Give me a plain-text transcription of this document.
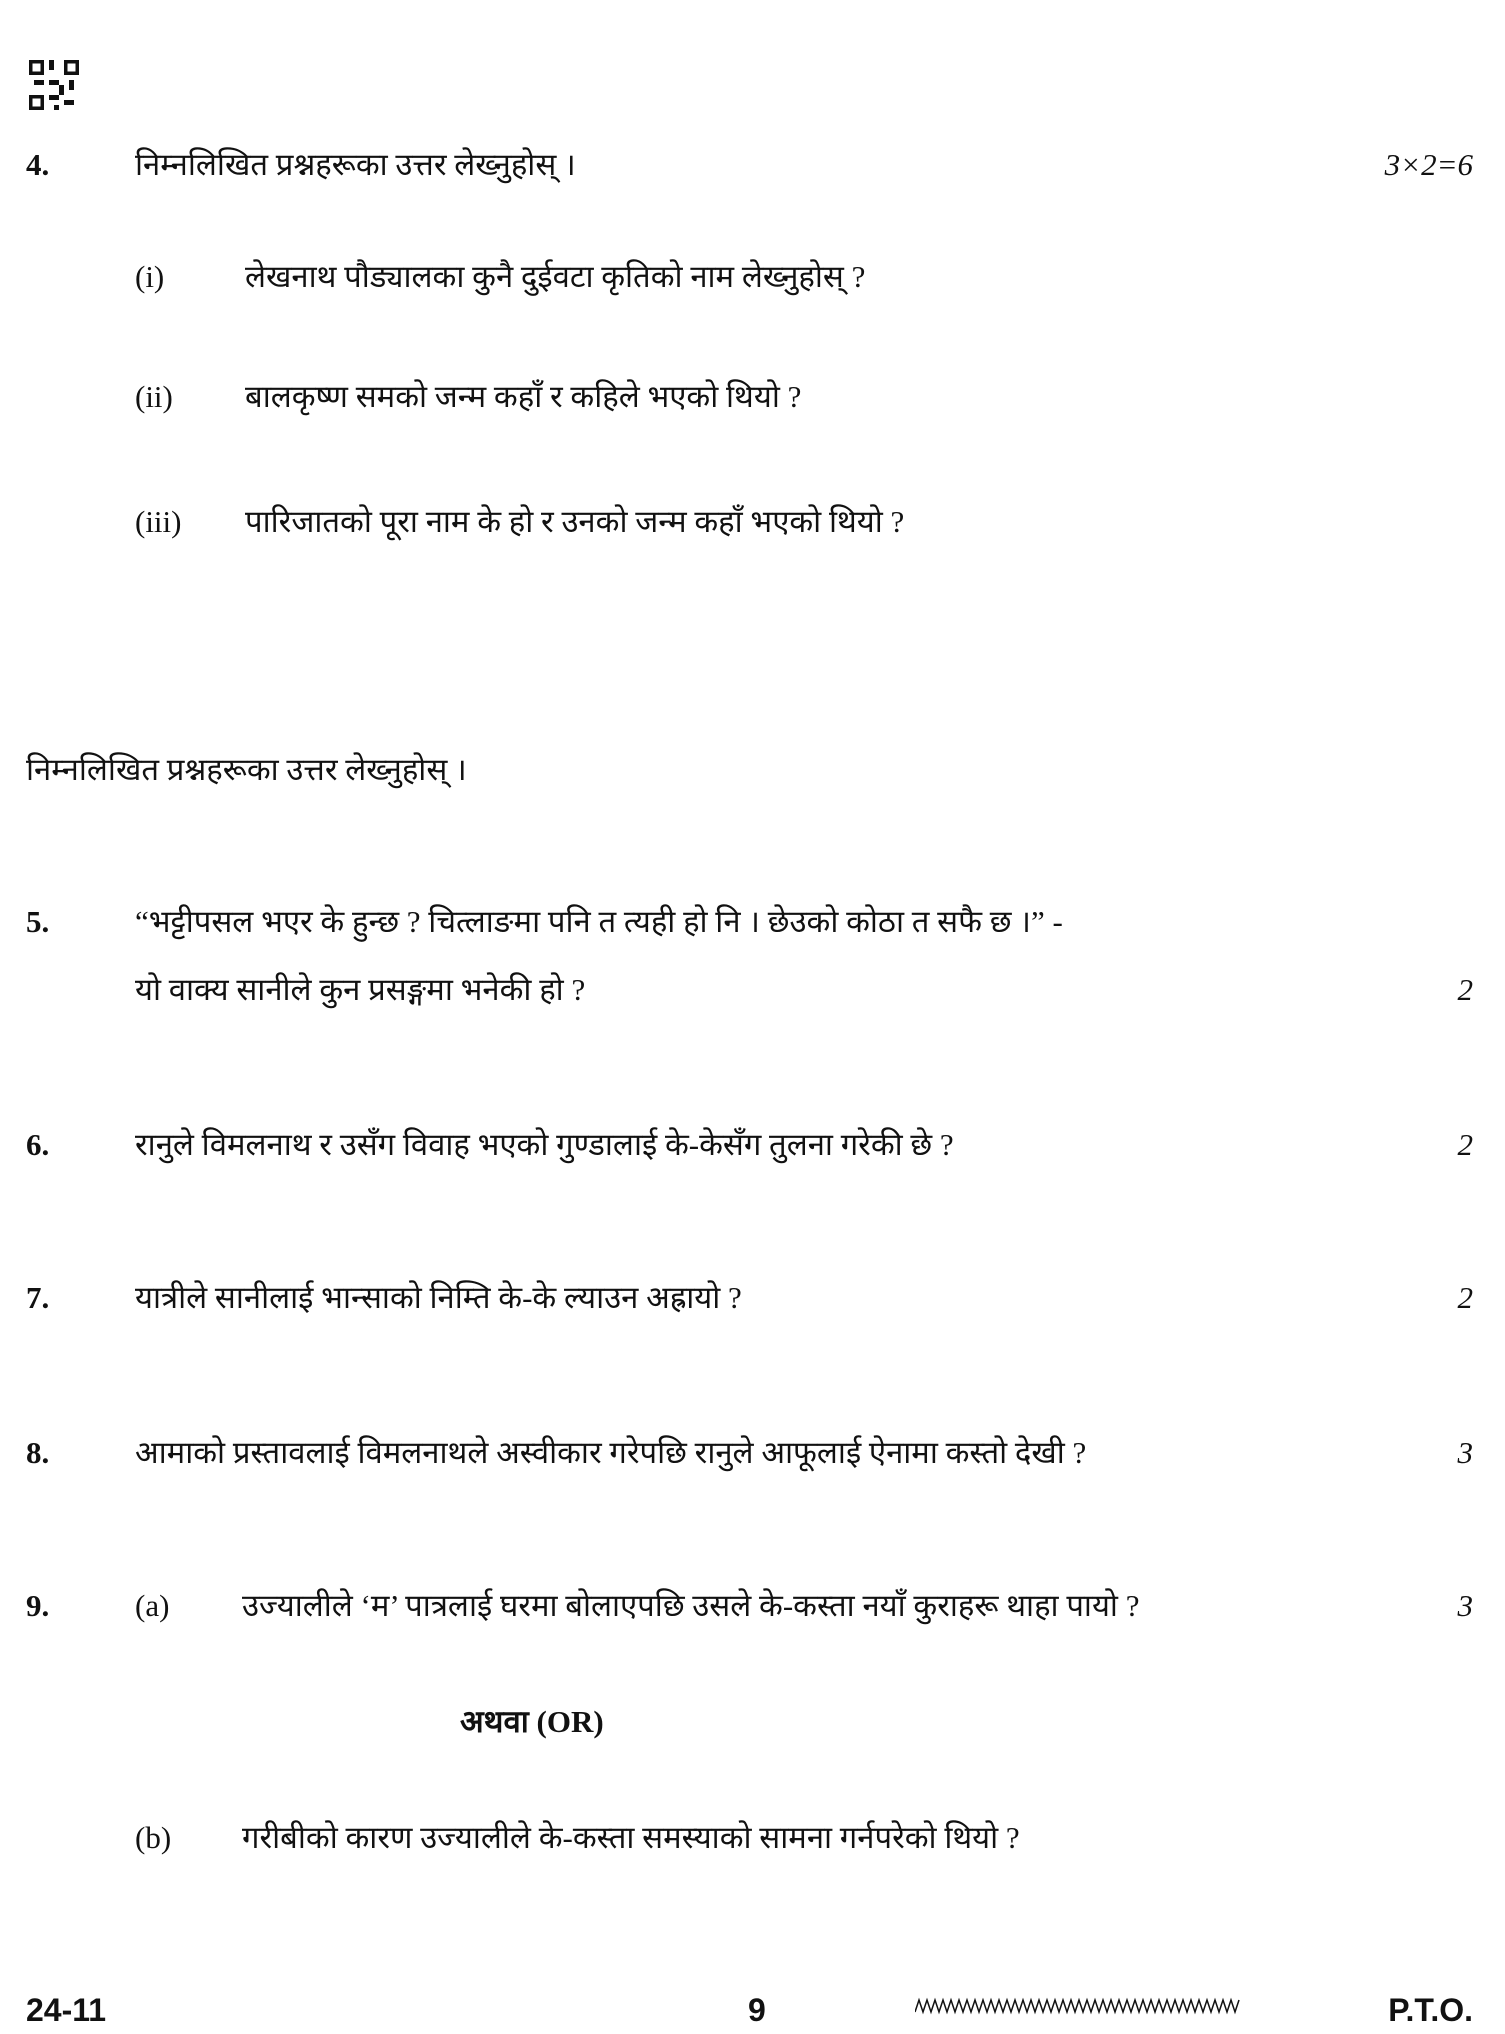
4.	निम्नलिखित प्रश्नहरूका उत्तर लेख्नुहोस् ।	3×2=6
(i)	लेखनाथ पौड्यालका कुनै दुईवटा कृतिको नाम लेख्नुहोस् ?
(ii) बालकृष्ण समको जन्म कहाँ र कहिले भएको थियो ?
(iii) पारिजातको पूरा नाम के हो र उनको जन्म कहाँ भएको थियो ?
निम्नलिखित प्रश्नहरूका उत्तर लेख्नुहोस् ।
5.	“भट्टीपसल भएर के हुन्छ ? चित्लाङमा पनि त त्यही हो नि । छेउको कोठा त सफै छ ।” -
यो वाक्य सानीले कुन प्रसङ्गमा भनेकी हो ?	2
6.	रानुले विमलनाथ र उसँग विवाह भएको गुण्डालाई के-केसँग तुलना गरेकी छे ?	2
7.	यात्रीले सानीलाई भान्साको निम्ति के-के ल्याउन अह्रायो ?	2
8.	आमाको प्रस्तावलाई विमलनाथले अस्वीकार गरेपछि रानुले आफूलाई ऐनामा कस्तो देखी ?	3
9.	(a) उज्यालीले ‘म’ पात्रलाई घरमा बोलाएपछि उसले के-कस्ता नयाँ कुराहरू थाहा पायो ?	3
अथवा (OR)
(b) गरीबीको कारण उज्यालीले के-कस्ता समस्याको सामना गर्नपरेको थियो ?
24-11	9	P.T.O.
